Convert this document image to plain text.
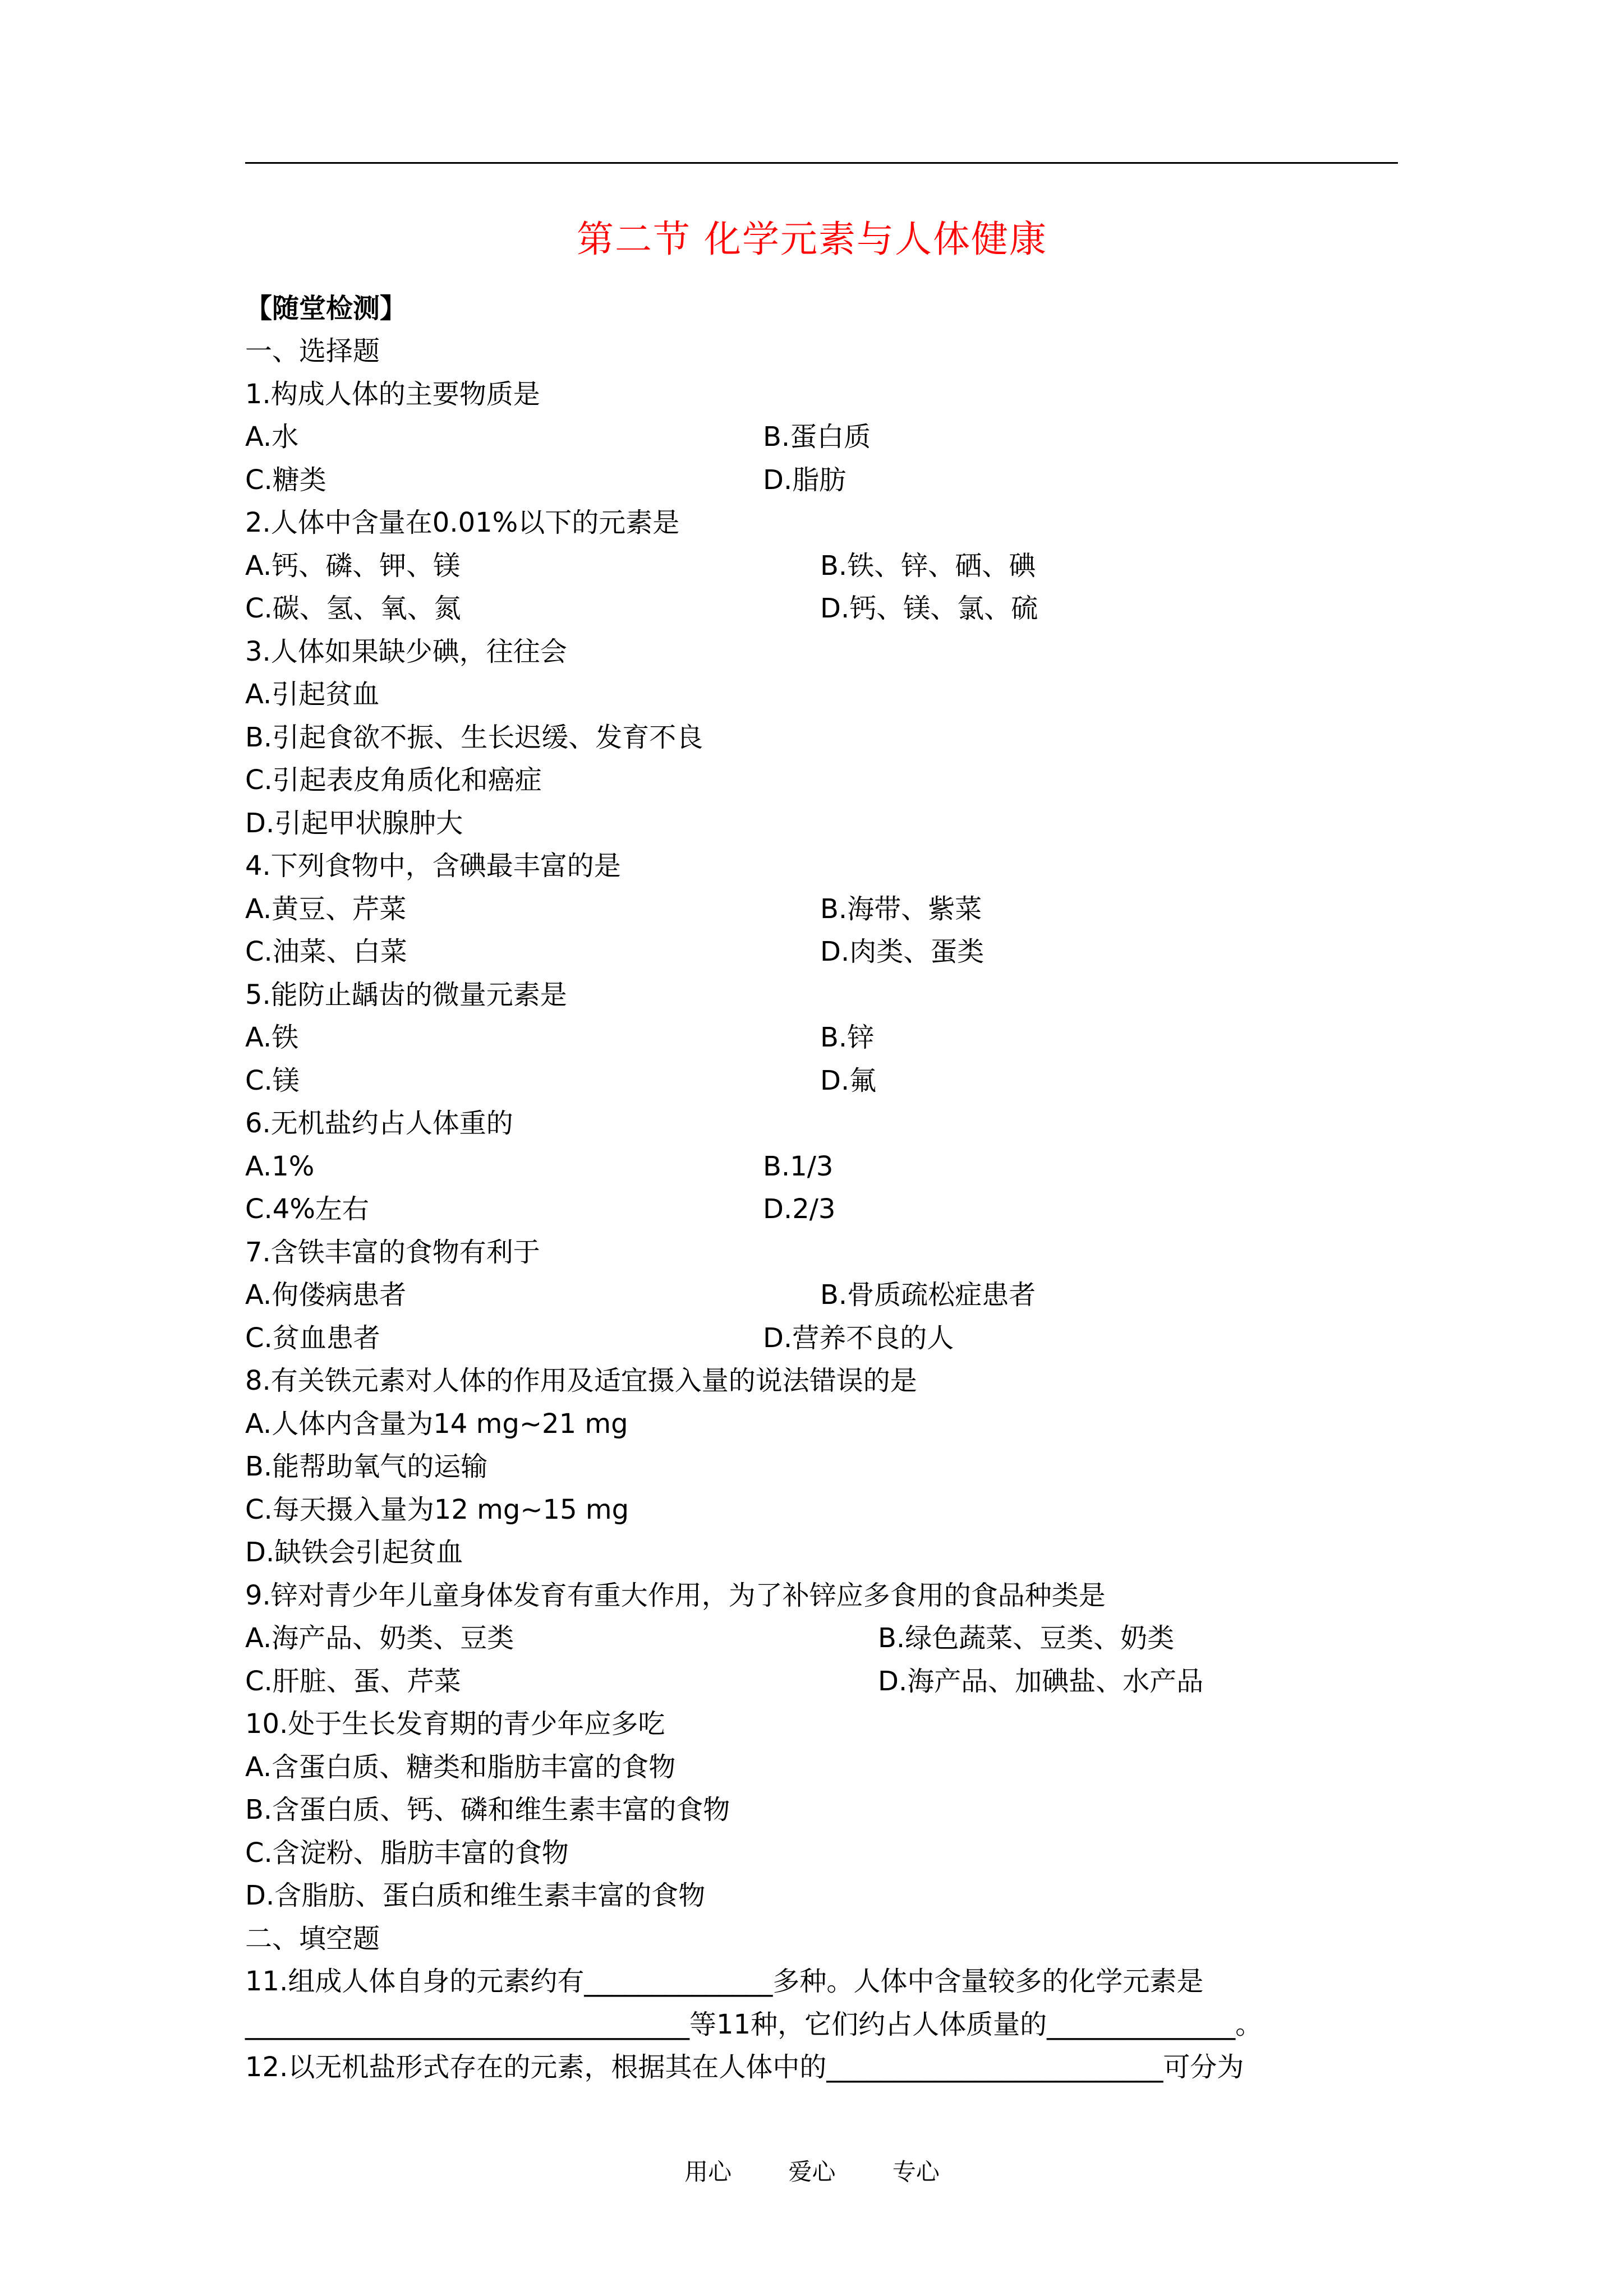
第二节 化学元素与人体健康
【随堂检测】
一、选择题
1.构成人体的主要物质是
A.水	B.蛋白质
C.糖类	D.脂肪
2.人体中含量在0.01%以下的元素是
A.钙、磷、钾、镁	B.铁、锌、硒、碘
C.碳、氢、氧、氮	D.钙、镁、氯、硫
3.人体如果缺少碘，往往会
A.引起贫血
B.引起食欲不振、生长迟缓、发育不良
C.引起表皮角质化和癌症
D.引起甲状腺肿大
4.下列食物中，含碘最丰富的是
A.黄豆、芹菜	B.海带、紫菜
C.油菜、白菜	D.肉类、蛋类
5.能防止龋齿的微量元素是
A.铁	B.锌
C.镁	D.氟
6.无机盐约占人体重的
A.1%	B.1/3
C.4%左右	D.2/3
7.含铁丰富的食物有利于
A.佝偻病患者	B.骨质疏松症患者
C.贫血患者	D.营养不良的人
8.有关铁元素对人体的作用及适宜摄入量的说法错误的是
A.人体内含量为14 mg~21 mg
B.能帮助氧气的运输
C.每天摄入量为12 mg~15 mg
D.缺铁会引起贫血
9.锌对青少年儿童身体发育有重大作用，为了补锌应多食用的食品种类是
A.海产品、奶类、豆类	B.绿色蔬菜、豆类、奶类
C.肝脏、蛋、芹菜	D.海产品、加碘盐、水产品
10.处于生长发育期的青少年应多吃
A.含蛋白质、糖类和脂肪丰富的食物
B.含蛋白质、钙、磷和维生素丰富的食物
C.含淀粉、脂肪丰富的食物
D.含脂肪、蛋白质和维生素丰富的食物
二、填空题
11.组成人体自身的元素约有______________多种。人体中含量较多的化学元素是
_________________________________等11种，它们约占人体质量的______________。
12.以无机盐形式存在的元素，根据其在人体中的_________________________可分为
用心 爱心 专心
